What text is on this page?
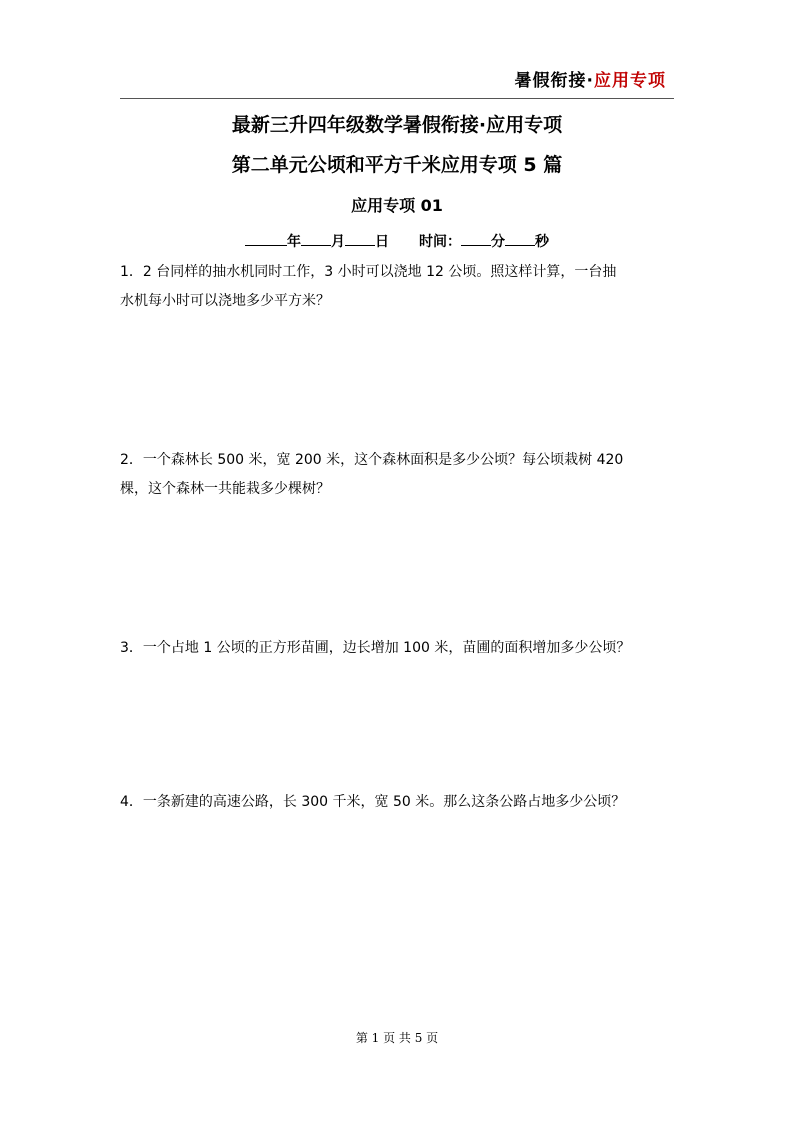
暑假衔接·应用专项
最新三升四年级数学暑假衔接·应用专项
第二单元公顷和平方千米应用专项 5 篇
应用专项 01
年 月 日 时间： 分 秒
1．2 台同样的抽水机同时工作，3 小时可以浇地 12 公顷。照这样计算，一台抽
水机每小时可以浇地多少平方米？
2．一个森林长 500 米，宽 200 米，这个森林面积是多少公顷？每公顷栽树 420
棵，这个森林一共能栽多少棵树？
3．一个占地 1 公顷的正方形苗圃，边长增加 100 米，苗圃的面积增加多少公顷？
4．一条新建的高速公路，长 300 千米，宽 50 米。那么这条公路占地多少公顷？
第 1 页 共 5 页
